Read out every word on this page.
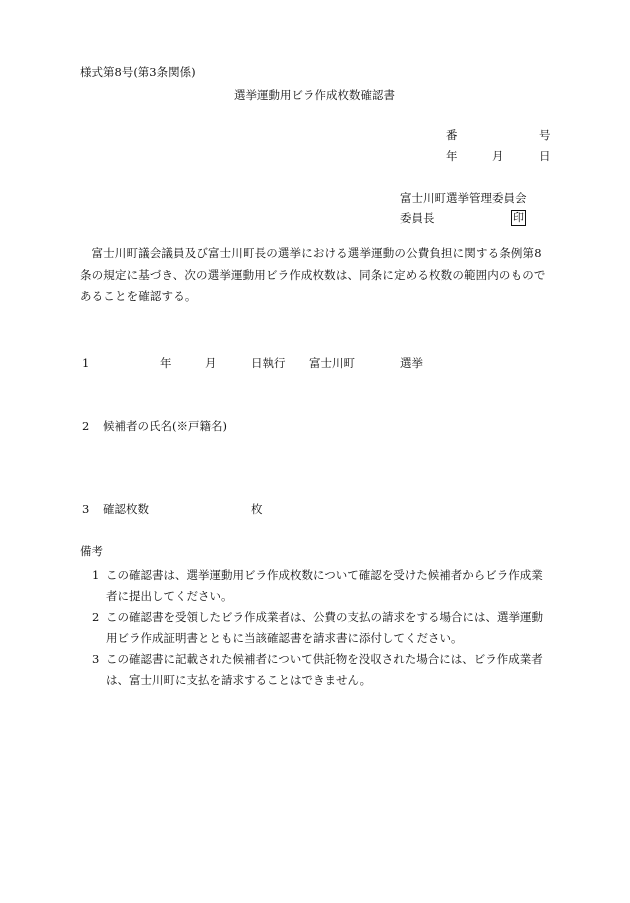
様式第8号(第3条関係)
選挙運動用ビラ作成枚数確認書
番	号
年	月	日
富士川町選挙管理委員会
委員長	印
富士川町議会議員及び富士川町長の選挙における選挙運動の公費負担に関する条例第8条の規定に基づき、次の選挙運動用ビラ作成枚数は、同条に定める枚数の範囲内のものであることを確認する。
1	年	月	日執行 富士川町	選挙
2 候補者の氏名(※戸籍名)
3 確認枚数	枚
備考
1 この確認書は、選挙運動用ビラ作成枚数について確認を受けた候補者からビラ作成業者に提出してください。
2 この確認書を受領したビラ作成業者は、公費の支払の請求をする場合には、選挙運動用ビラ作成証明書とともに当該確認書を請求書に添付してください。
3 この確認書に記載された候補者について供託物を没収された場合には、ビラ作成業者は、富士川町に支払を請求することはできません。
